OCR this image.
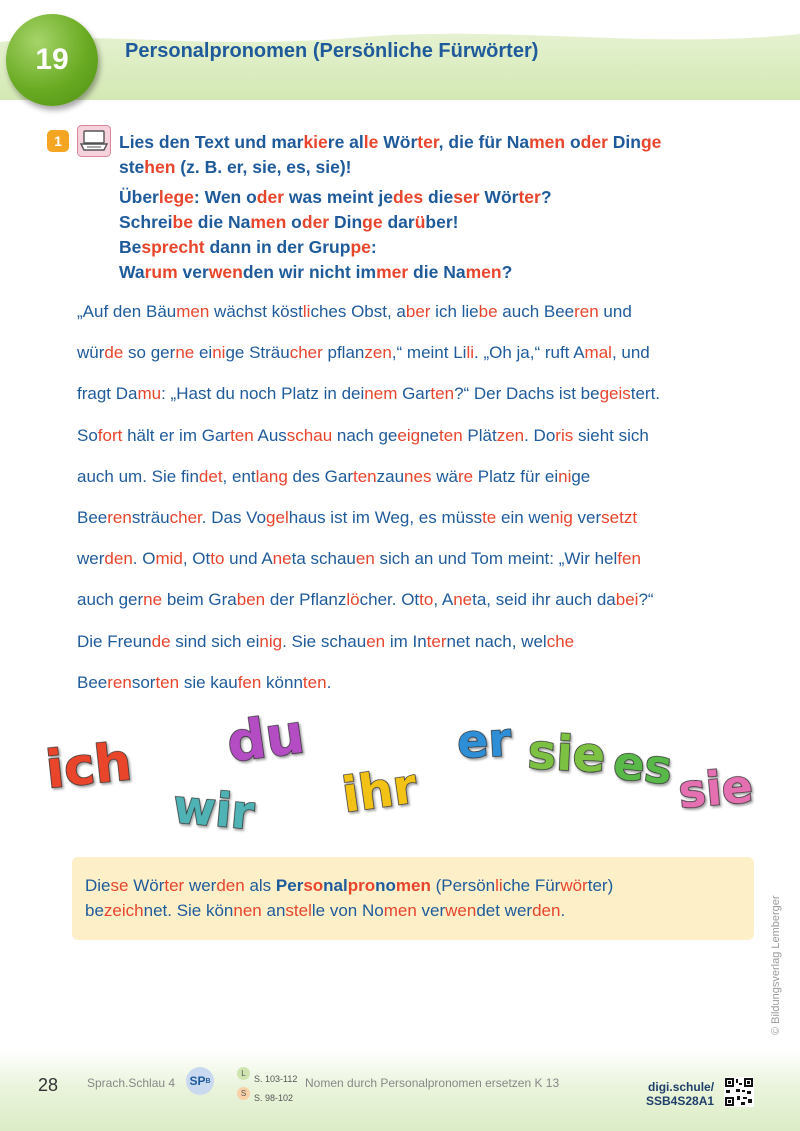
19	Personalpronomen (Persönliche Fürwörter)
1	Lies den Text und markiere alle Wörter, die für Namen oder Dinge
stehen (z. B. er, sie, es, sie)!
Überlege: Wen oder was meint jedes dieser Wörter?
Schreibe die Namen oder Dinge darüber!
Besprecht dann in der Gruppe:
Warum verwenden wir nicht immer die Namen?
„Auf den Bäumen wächst köstliches Obst, aber ich liebe auch Beeren und
würde so gerne einige Sträucher pflanzen,“ meint Lili. „Oh ja,“ ruft Amal, und
fragt Damu: „Hast du noch Platz in deinem Garten?“ Der Dachs ist begeistert.
Sofort hält er im Garten Ausschau nach geeigneten Plätzen. Doris sieht sich
auch um. Sie findet, entlang des Gartenzaunes wäre Platz für einige
Beerensträucher. Das Vogelhaus ist im Weg, es müsste ein wenig versetzt
werden. Omid, Otto und Aneta schauen sich an und Tom meint: „Wir helfen
auch gerne beim Graben der Pflanzlöcher. Otto, Aneta, seid ihr auch dabei?“
Die Freunde sind sich einig. Sie schauen im Internet nach, welche
Beerensorten sie kaufen könnten.
ich du
wir ihr
er sie es sie
Diese Wörter werden als Personalpronomen (Persönliche Fürwörter)
bezeichnet. Sie können anstelle von Nomen verwendet werden.	© Bildungsverlag Lemberger
28 Sprach.Schlau 4 SP B
L
S. 103-112
S S. 98-102
Nomen durch Personalpronomen ersetzen K 13	digi.schule/
SSB4S28A1
